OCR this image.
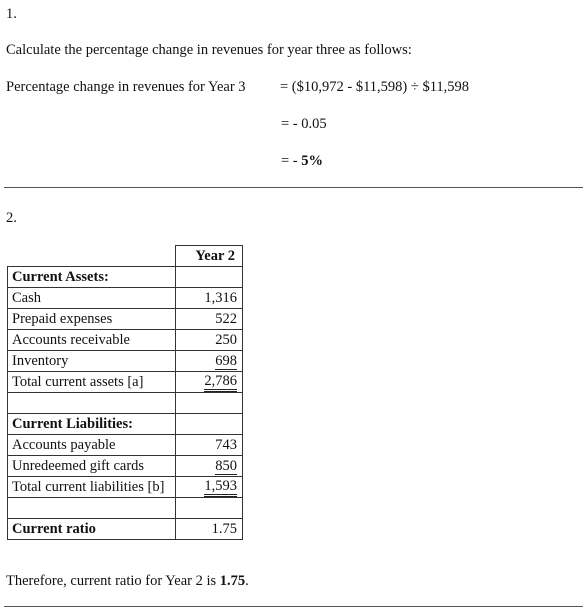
1.
Calculate the percentage change in revenues for year three as follows:
Percentage change in revenues for Year 3 = ($10,972 - $11,598) ÷ $11,598
= - 0.05
= - 5%
2.
	Year 2
Current Assets:	
Cash	1,316
Prepaid expenses	522
Accounts receivable	250
Inventory	698
Total current assets [a]	2,786

Current Liabilities:	
Accounts payable	743
Unredeemed gift cards	850
Total current liabilities [b]	1,593

Current ratio	1.75
Therefore, current ratio for Year 2 is 1.75.
